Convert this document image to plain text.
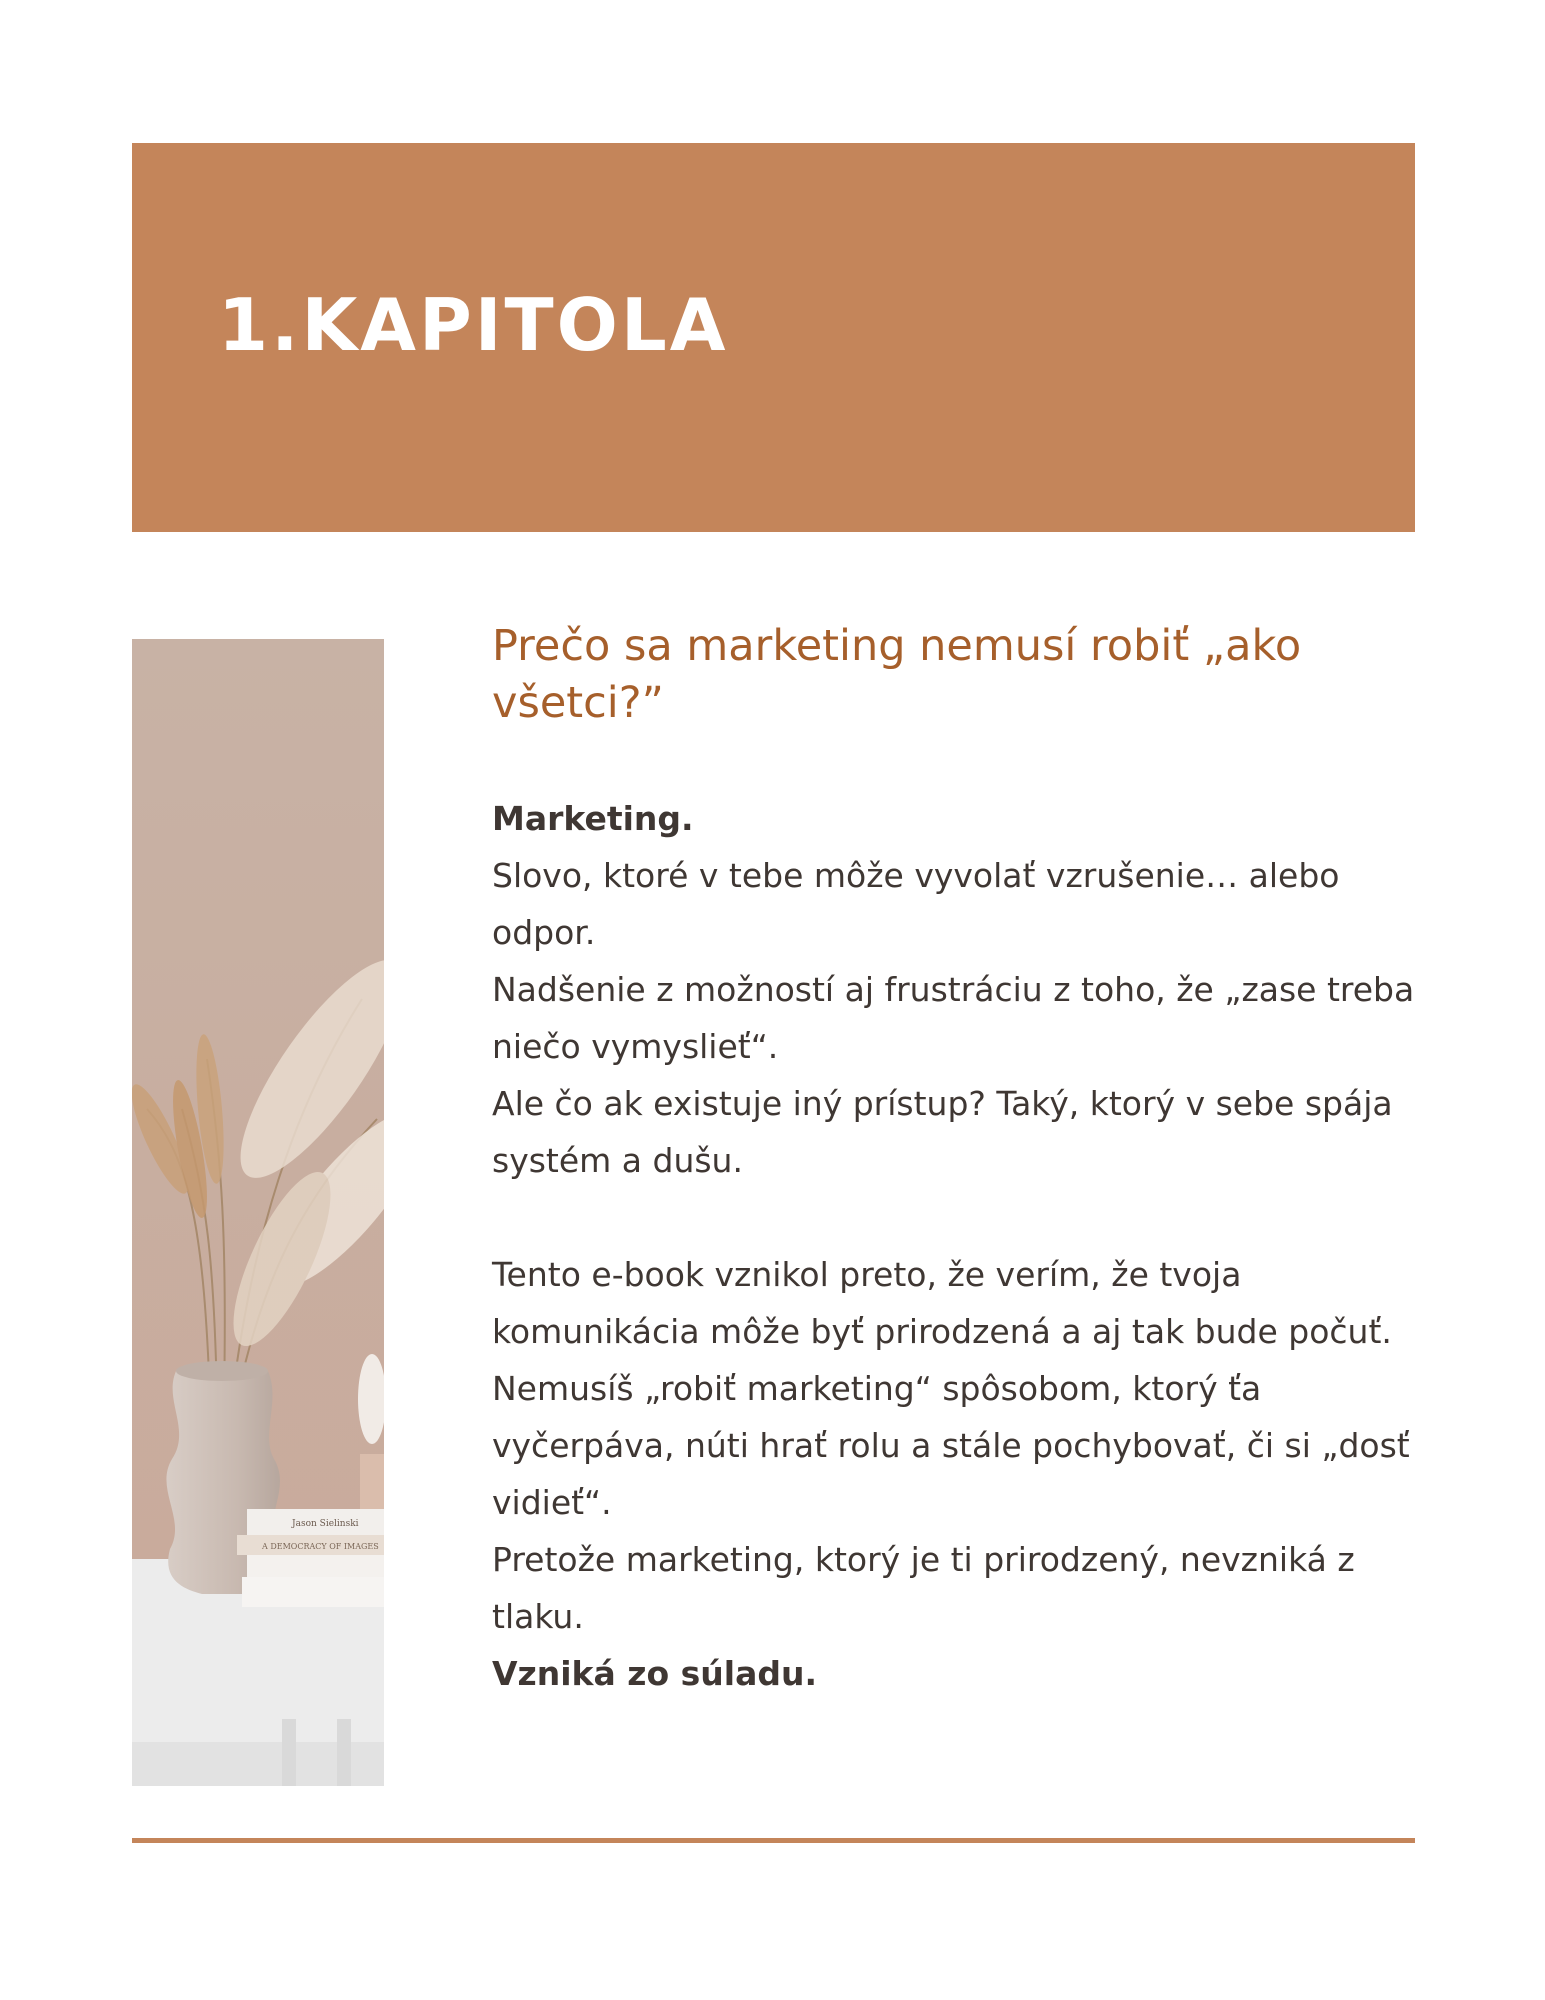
1.KAPITOLA
Jason Sielinski
A DEMOCRACY OF IMAGES
Prečo sa marketing nemusí robiť „ako všetci?”

Marketing.

Slovo, ktoré v tebe môže vyvolať vzrušenie… alebo odpor.

Nadšenie z možností aj frustráciu z toho, že „zase treba niečo vymyslieť“.

Ale čo ak existuje iný prístup? Taký, ktorý v sebe spája systém a dušu.

Tento e-book vznikol preto, že verím, že tvoja komunikácia môže byť prirodzená a aj tak bude počuť.

Nemusíš „robiť marketing“ spôsobom, ktorý ťa vyčerpáva, núti hrať rolu a stále pochybovať, či si „dosť vidieť“.

Pretože marketing, ktorý je ti prirodzený, nevzniká z tlaku.

Vzniká zo súladu.
